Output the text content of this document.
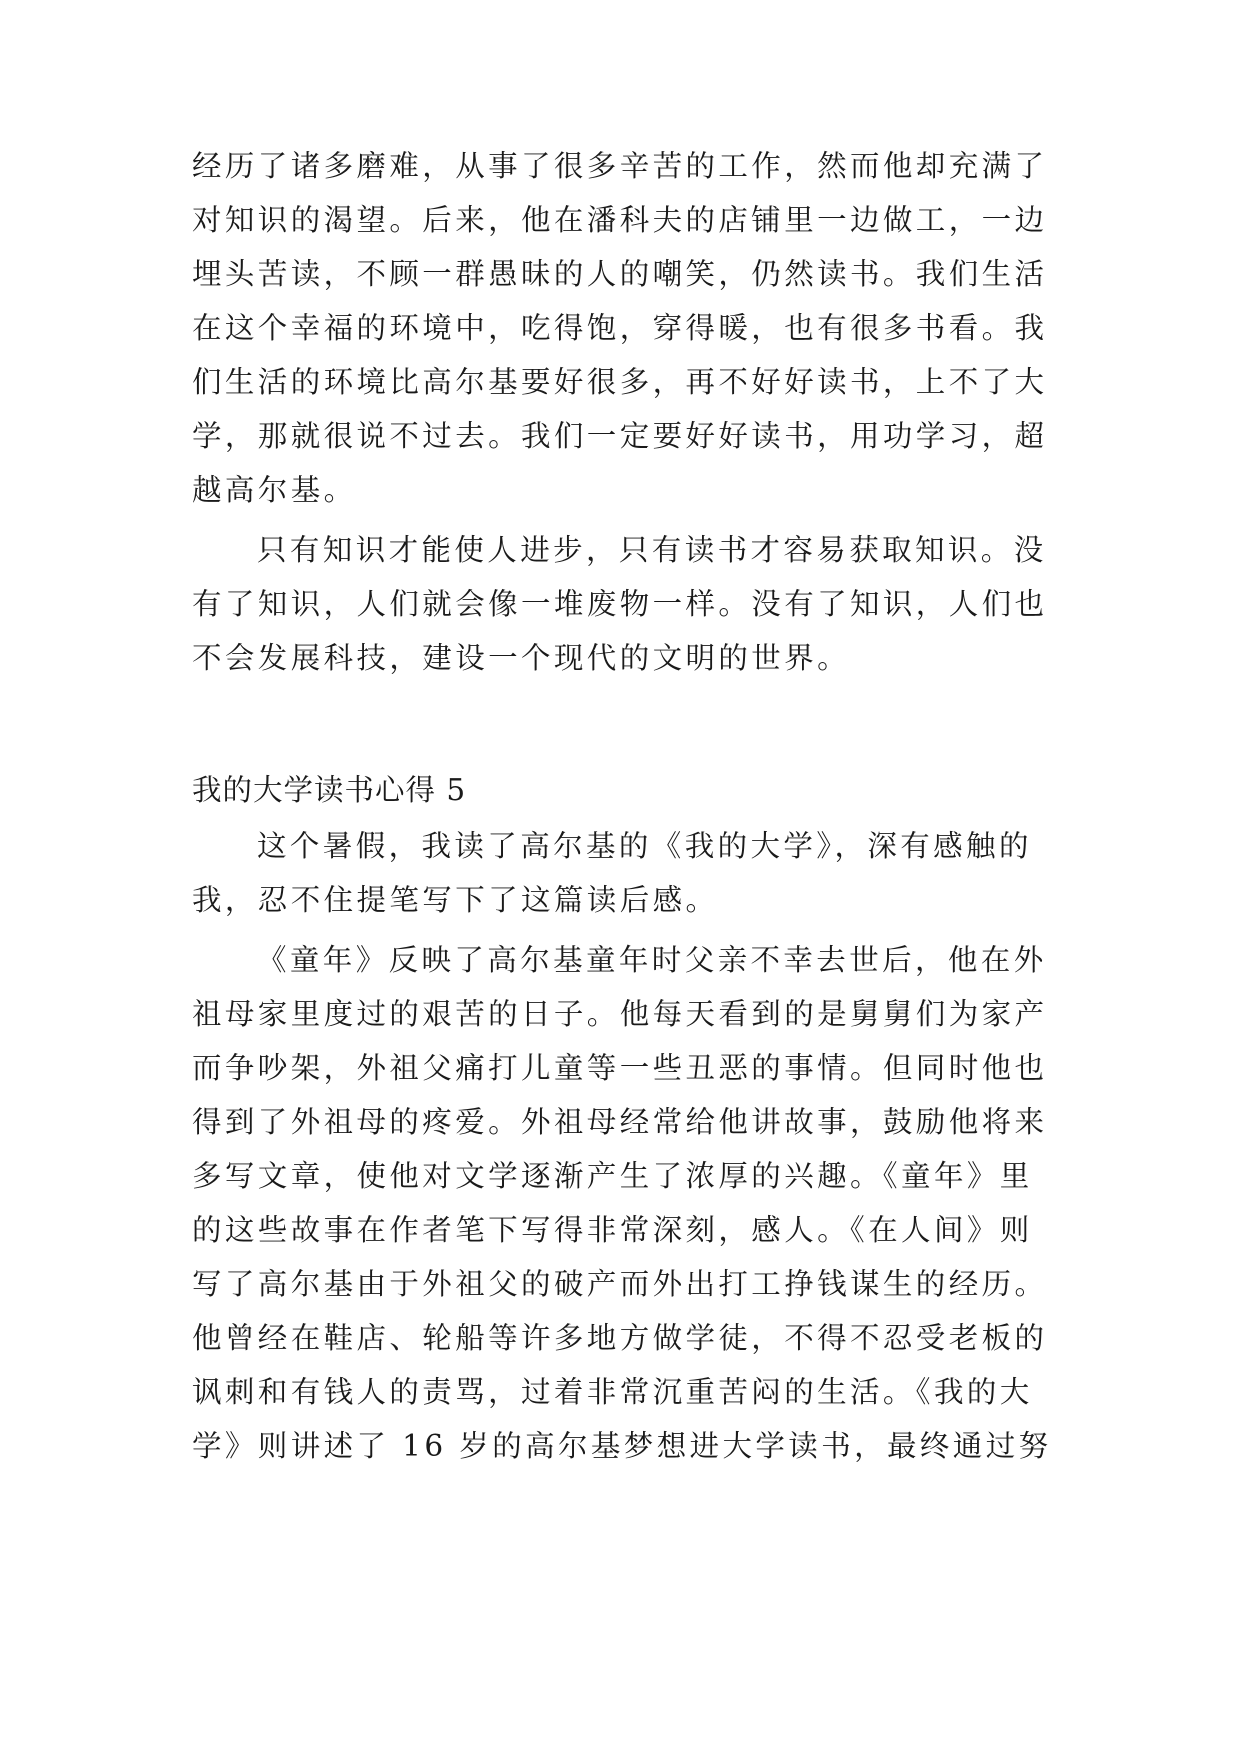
经历了诸多磨难，从事了很多辛苦的工作，然而他却充满了
对知识的渴望。后来，他在潘科夫的店铺里一边做工，一边
埋头苦读，不顾一群愚昧的人的嘲笑，仍然读书。我们生活
在这个幸福的环境中，吃得饱，穿得暖，也有很多书看。我
们生活的环境比高尔基要好很多，再不好好读书，上不了大
学，那就很说不过去。我们一定要好好读书，用功学习，超
越高尔基。
只有知识才能使人进步，只有读书才容易获取知识。没
有了知识，人们就会像一堆废物一样。没有了知识，人们也
不会发展科技，建设一个现代的文明的世界。
我的大学读书心得 5
这个暑假，我读了高尔基的《我的大学》，深有感触的
我，忍不住提笔写下了这篇读后感。
《童年》反映了高尔基童年时父亲不幸去世后，他在外
祖母家里度过的艰苦的日子。他每天看到的是舅舅们为家产
而争吵架，外祖父痛打儿童等一些丑恶的事情。但同时他也
得到了外祖母的疼爱。外祖母经常给他讲故事，鼓励他将来
多写文章，使他对文学逐渐产生了浓厚的兴趣。《童年》里
的这些故事在作者笔下写得非常深刻，感人。《在人间》则
写了高尔基由于外祖父的破产而外出打工挣钱谋生的经历。
他曾经在鞋店、轮船等许多地方做学徒，不得不忍受老板的
讽刺和有钱人的责骂，过着非常沉重苦闷的生活。《我的大
学》则讲述了 16 岁的高尔基梦想进大学读书，最终通过努
